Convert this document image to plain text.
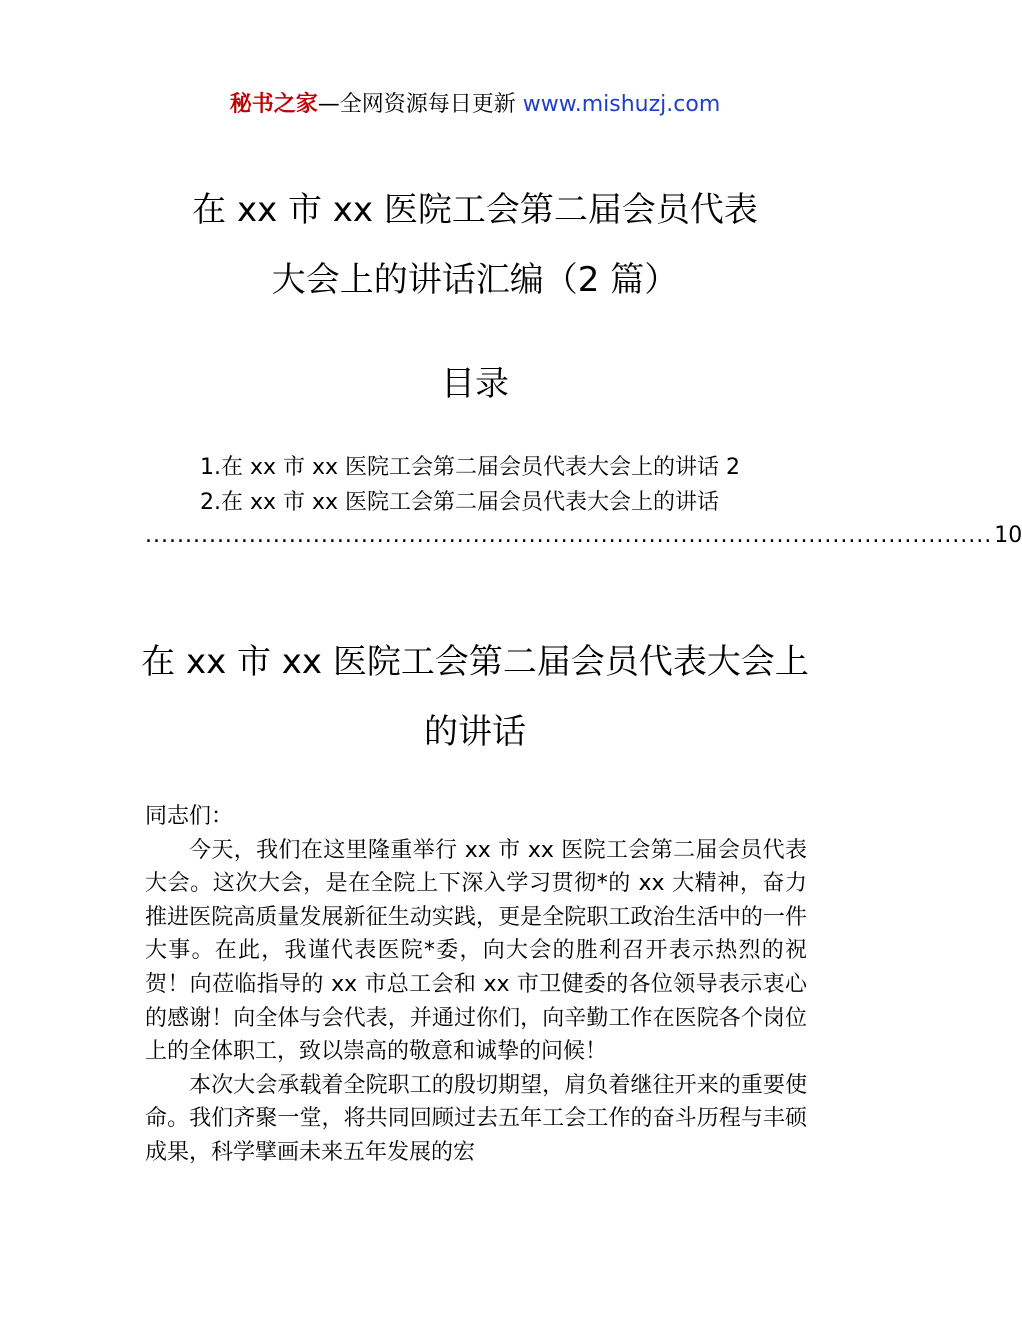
秘书之家—全网资源每日更新 www.mishuzj.com
在 xx 市 xx 医院工会第二届会员代表
大会上的讲话汇编（2 篇）
目录
1.在 xx 市 xx 医院工会第二届会员代表大会上的讲话 2
2.在 xx 市 xx 医院工会第二届会员代表大会上的讲话
.......................................................................................................... 10
在 xx 市 xx 医院工会第二届会员代表大会上
的讲话

同志们：

今天，我们在这里隆重举行 xx 市 xx 医院工会第二届会员代表大会。这次大会，是在全院上下深入学习贯彻*的 xx 大精神，奋力推进医院高质量发展新征生动实践，更是全院职工政治生活中的一件大事。在此，我谨代表医院*委，向大会的胜利召开表示热烈的祝贺！向莅临指导的 xx 市总工会和 xx 市卫健委的各位领导表示衷心的感谢！向全体与会代表，并通过你们，向辛勤工作在医院各个岗位上的全体职工，致以崇高的敬意和诚挚的问候！

本次大会承载着全院职工的殷切期望，肩负着继往开来的重要使命。我们齐聚一堂，将共同回顾过去五年工会工作的奋斗历程与丰硕成果，科学擘画未来五年发展的宏
